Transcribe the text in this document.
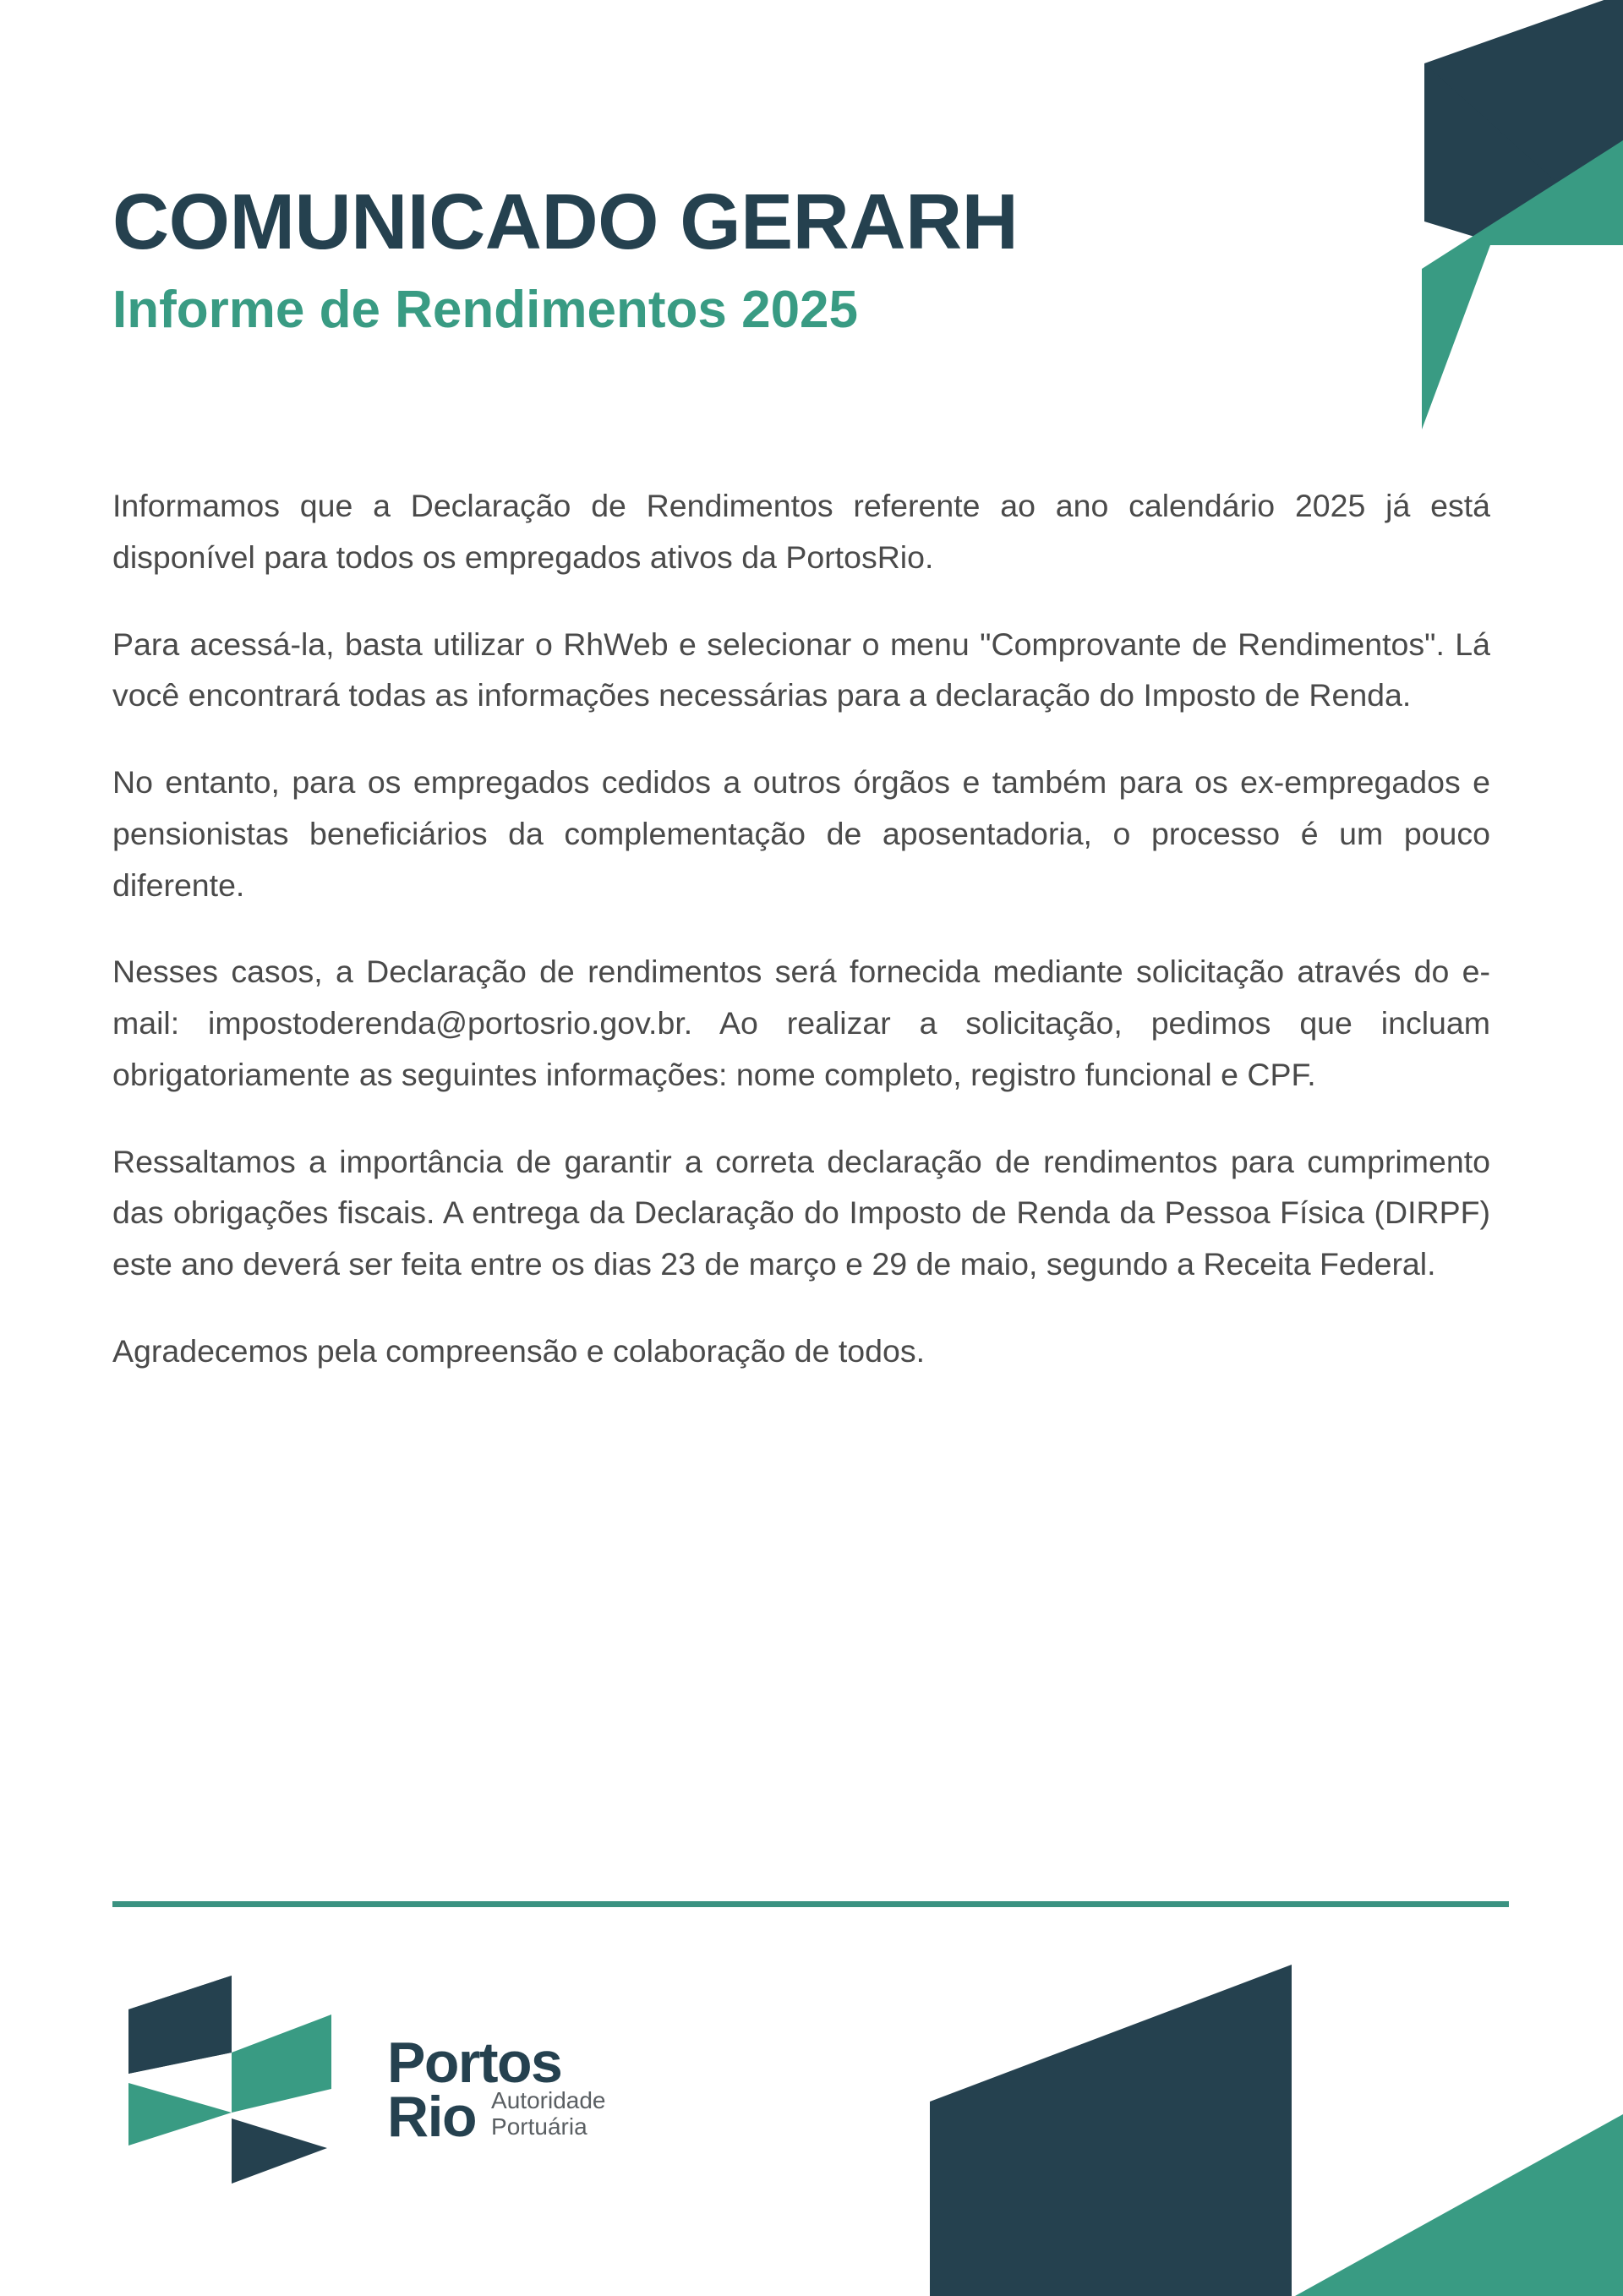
COMUNICADO GERARH
Informe de Rendimentos 2025

Informamos que a Declaração de Rendimentos referente ao ano calendário 2025 já está disponível para todos os empregados ativos da PortosRio.

Para acessá-la, basta utilizar o RhWeb e selecionar o menu "Comprovante de Rendimentos". Lá você encontrará todas as informações necessárias para a declaração do Imposto de Renda.

No entanto, para os empregados cedidos a outros órgãos e também para os ex-empregados e pensionistas beneficiários da complementação de aposentadoria, o processo é um pouco diferente.

Nesses casos, a Declaração de rendimentos será fornecida mediante solicitação através do e-mail: impostoderenda@portosrio.gov.br. Ao realizar a solicitação, pedimos que incluam obrigatoriamente as seguintes informações: nome completo, registro funcional e CPF.

Ressaltamos a importância de garantir a correta declaração de rendimentos para cumprimento das obrigações fiscais. A entrega da Declaração do Imposto de Renda da Pessoa Física (DIRPF) este ano deverá ser feita entre os dias 23 de março e 29 de maio, segundo a Receita Federal.

Agradecemos pela compreensão e colaboração de todos.

Portos

Rio Autoridade
Portuária
